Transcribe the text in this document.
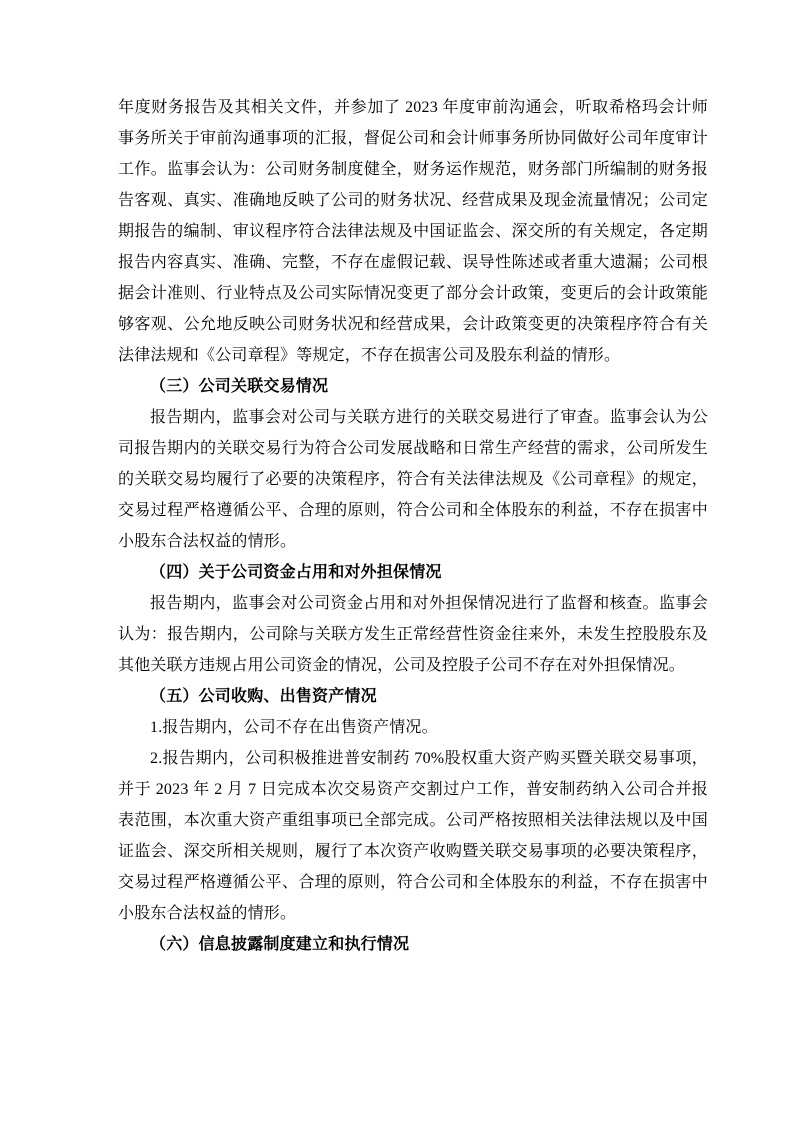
年度财务报告及其相关文件，并参加了 2023 年度审前沟通会，听取希格玛会计师事务所关于审前沟通事项的汇报，督促公司和会计师事务所协同做好公司年度审计工作。监事会认为：公司财务制度健全，财务运作规范，财务部门所编制的财务报告客观、真实、准确地反映了公司的财务状况、经营成果及现金流量情况；公司定期报告的编制、审议程序符合法律法规及中国证监会、深交所的有关规定，各定期报告内容真实、准确、完整，不存在虚假记载、误导性陈述或者重大遗漏；公司根据会计准则、行业特点及公司实际情况变更了部分会计政策，变更后的会计政策能够客观、公允地反映公司财务状况和经营成果，会计政策变更的决策程序符合有关法律法规和《公司章程》等规定，不存在损害公司及股东利益的情形。

（三）公司关联交易情况

报告期内，监事会对公司与关联方进行的关联交易进行了审查。监事会认为公司报告期内的关联交易行为符合公司发展战略和日常生产经营的需求，公司所发生的关联交易均履行了必要的决策程序，符合有关法律法规及《公司章程》的规定，交易过程严格遵循公平、合理的原则，符合公司和全体股东的利益，不存在损害中小股东合法权益的情形。

（四）关于公司资金占用和对外担保情况

报告期内，监事会对公司资金占用和对外担保情况进行了监督和核查。监事会认为：报告期内，公司除与关联方发生正常经营性资金往来外，未发生控股股东及其他关联方违规占用公司资金的情况，公司及控股子公司不存在对外担保情况。

（五）公司收购、出售资产情况

1.报告期内，公司不存在出售资产情况。

2.报告期内，公司积极推进普安制药 70%股权重大资产购买暨关联交易事项，并于 2023 年 2 月 7 日完成本次交易资产交割过户工作，普安制药纳入公司合并报表范围，本次重大资产重组事项已全部完成。公司严格按照相关法律法规以及中国证监会、深交所相关规则，履行了本次资产收购暨关联交易事项的必要决策程序，交易过程严格遵循公平、合理的原则，符合公司和全体股东的利益，不存在损害中小股东合法权益的情形。

（六）信息披露制度建立和执行情况
